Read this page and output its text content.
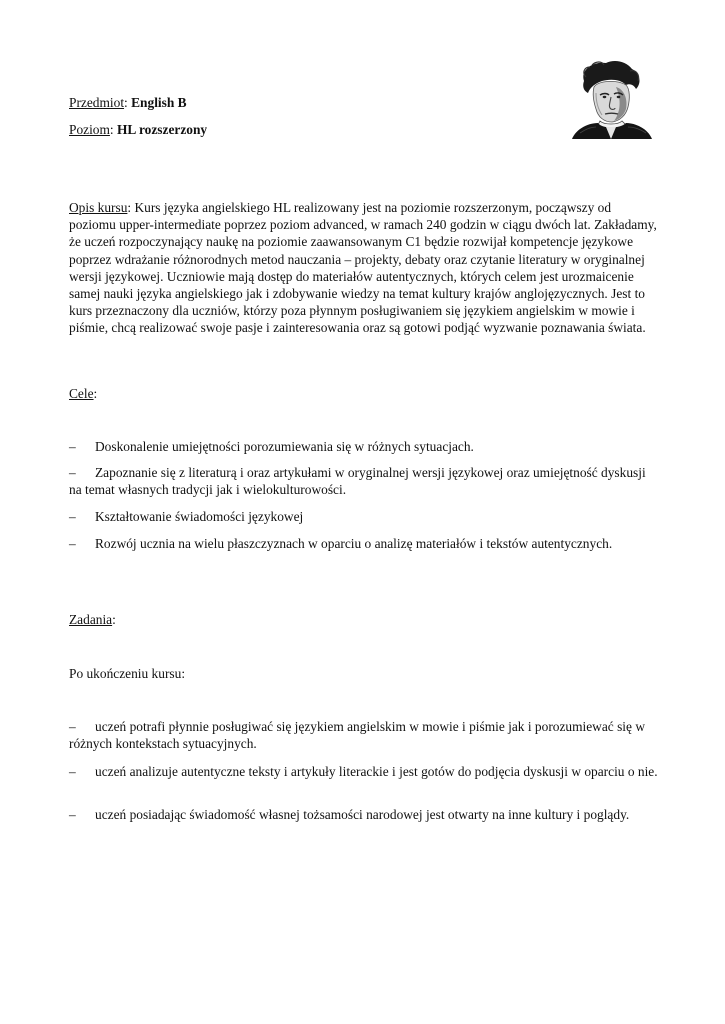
Przedmiot: English B
Poziom: HL rozszerzony
Opis kursu: Kurs języka angielskiego HL realizowany jest na poziomie rozszerzonym, począwszy od poziomu upper-intermediate poprzez poziom advanced, w ramach 240 godzin w ciągu dwóch lat. Zakładamy, że uczeń rozpoczynający naukę na poziomie zaawansowanym C1 będzie rozwijał kompetencje językowe poprzez wdrażanie różnorodnych metod nauczania – projekty, debaty oraz czytanie literatury w oryginalnej wersji językowej. Uczniowie mają dostęp do materiałów autentycznych, których celem jest urozmaicenie samej nauki języka angielskiego jak i zdobywanie wiedzy na temat kultury krajów anglojęzycznych. Jest to kurs przeznaczony dla uczniów, którzy poza płynnym posługiwaniem się językiem angielskim w mowie i piśmie, chcą realizować swoje pasje i zainteresowania oraz są gotowi podjąć wyzwanie poznawania świata.
Cele:
– Doskonalenie umiejętności porozumiewania się w różnych sytuacjach.
– Zapoznanie się z literaturą i oraz artykułami w oryginalnej wersji językowej oraz umiejętność dyskusji na temat własnych tradycji jak i wielokulturowości.
– Kształtowanie świadomości językowej
– Rozwój ucznia na wielu płaszczyznach w oparciu o analizę materiałów i tekstów autentycznych.
Zadania:
Po ukończeniu kursu:
– uczeń potrafi płynnie posługiwać się językiem angielskim w mowie i piśmie jak i porozumiewać się w różnych kontekstach sytuacyjnych.
– uczeń analizuje autentyczne teksty i artykuły literackie i jest gotów do podjęcia dyskusji w oparciu o nie.
– uczeń posiadając świadomość własnej tożsamości narodowej jest otwarty na inne kultury i poglądy.
